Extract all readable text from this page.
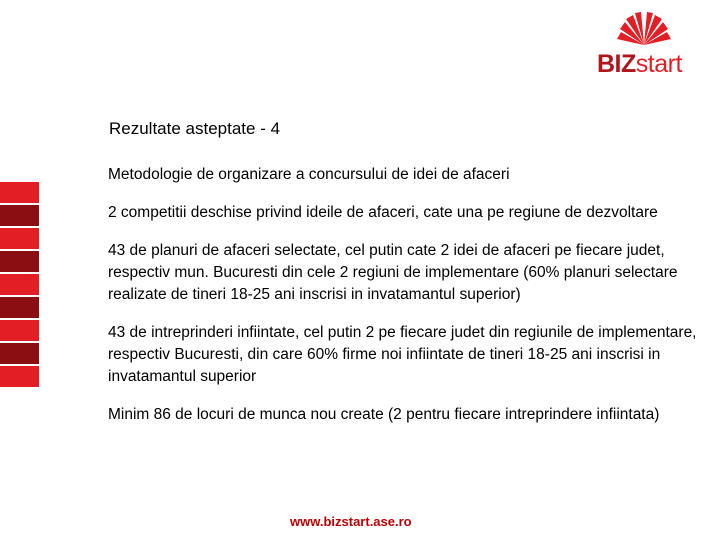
BIZstart
Rezultate asteptate - 4

Metodologie de organizare a concursului de idei de afaceri

2 competitii deschise privind ideile de afaceri, cate una pe regiune de dezvoltare

43 de planuri de afaceri selectate, cel putin cate 2 idei de afaceri pe fiecare judet, respectiv mun. Bucuresti din cele 2 regiuni de implementare (60% planuri selectare realizate de tineri 18-25 ani inscrisi in invatamantul superior)

43 de intreprinderi infiintate, cel putin 2 pe fiecare judet din regiunile de implementare, respectiv Bucuresti, din care 60% firme noi infiintate de tineri 18-25 ani inscrisi in invatamantul superior

Minim 86 de locuri de munca nou create (2 pentru fiecare intreprindere infiintata)

www.bizstart.ase.ro
